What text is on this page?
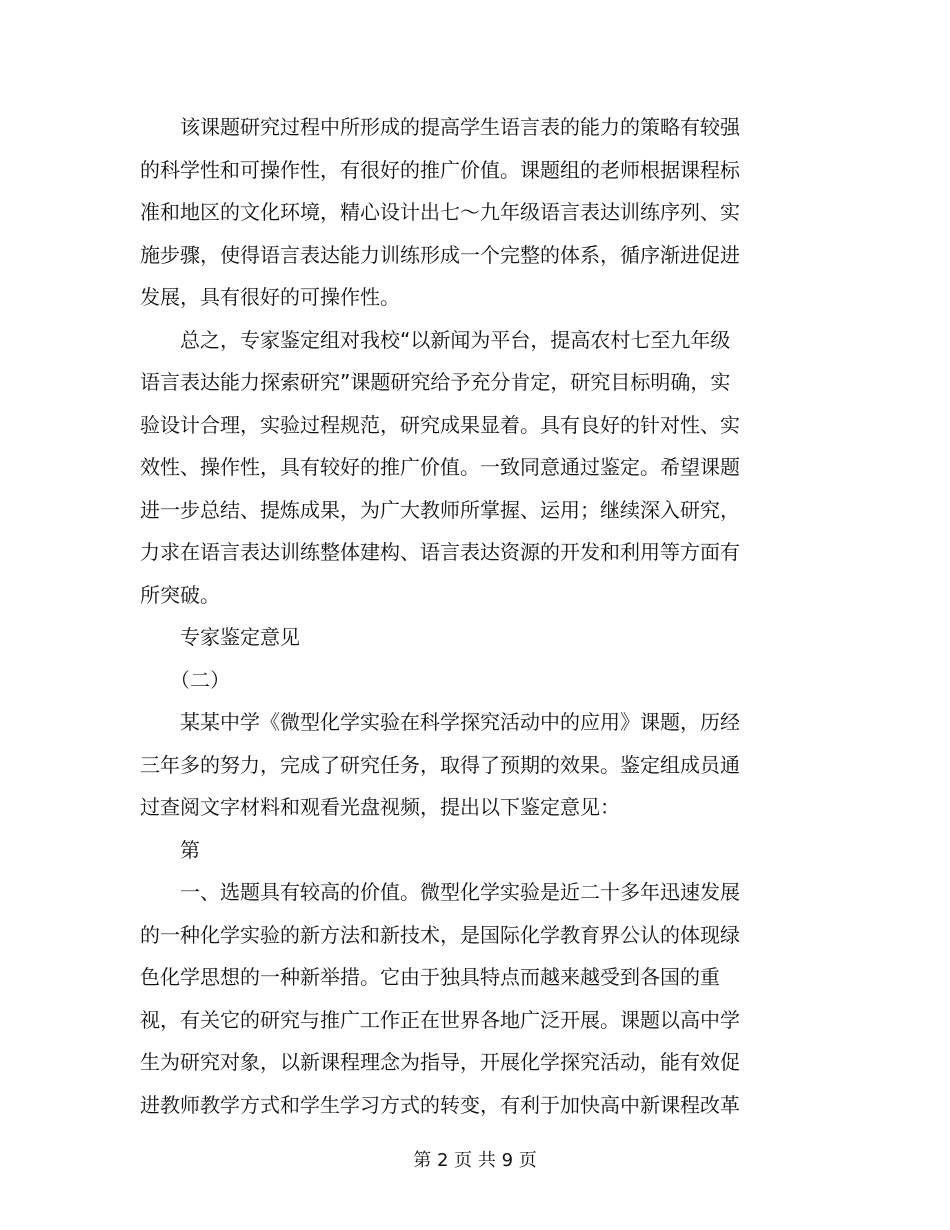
　　该课题研究过程中所形成的提高学生语言表的能力的策略有较强
的科学性和可操作性，有很好的推广价值。课题组的老师根据课程标
准和地区的文化环境，精心设计出七～九年级语言表达训练序列、实
施步骤，使得语言表达能力训练形成一个完整的体系，循序渐进促进
发展，具有很好的可操作性。

　　总之，专家鉴定组对我校“以新闻为平台，提高农村七至九年级
语言表达能力探索研究”课题研究给予充分肯定，研究目标明确，实
验设计合理，实验过程规范，研究成果显着。具有良好的针对性、实
效性、操作性，具有较好的推广价值。一致同意通过鉴定。希望课题
进一步总结、提炼成果，为广大教师所掌握、运用；继续深入研究，
力求在语言表达训练整体建构、语言表达资源的开发和利用等方面有
所突破。

　　专家鉴定意见

　　（二）

　　某某中学《微型化学实验在科学探究活动中的应用》课题，历经
三年多的努力，完成了研究任务，取得了预期的效果。鉴定组成员通
过查阅文字材料和观看光盘视频，提出以下鉴定意见：

　　第

　　一、选题具有较高的价值。微型化学实验是近二十多年迅速发展
的一种化学实验的新方法和新技术，是国际化学教育界公认的体现绿
色化学思想的一种新举措。它由于独具特点而越来越受到各国的重
视，有关它的研究与推广工作正在世界各地广泛开展。课题以高中学
生为研究对象，以新课程理念为指导，开展化学探究活动，能有效促
进教师教学方式和学生学习方式的转变，有利于加快高中新课程改革

第 2 页 共 9 页
